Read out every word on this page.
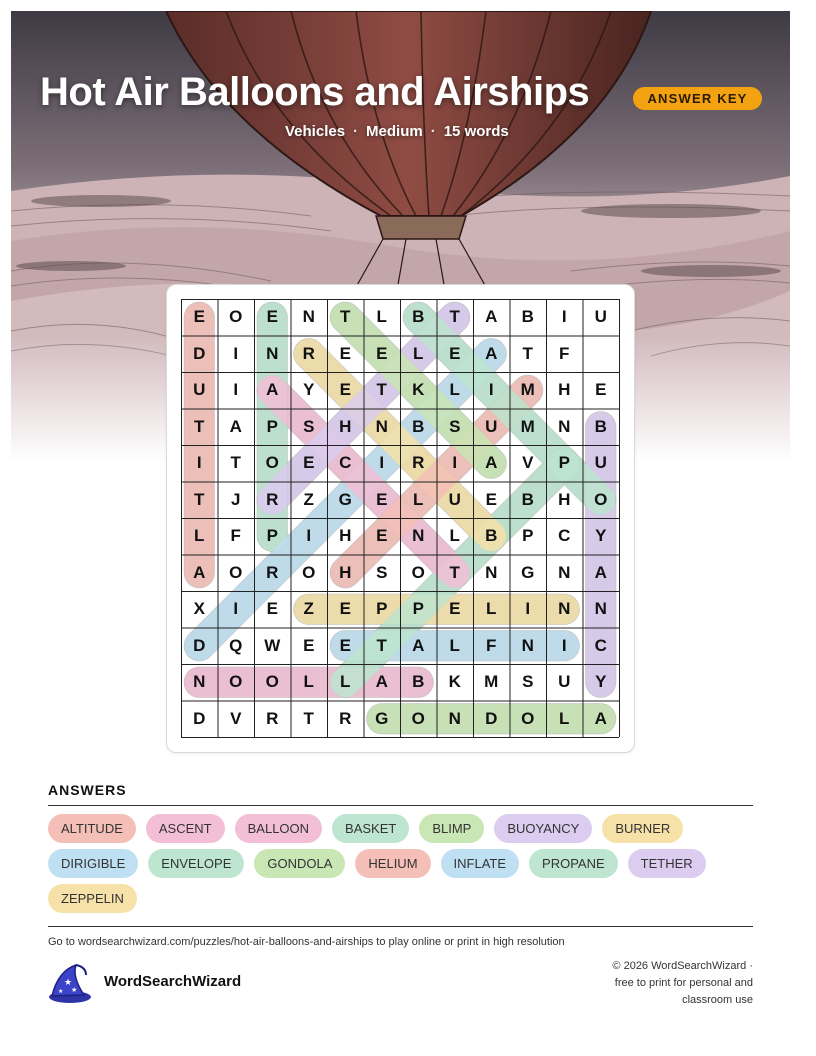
Hot Air Balloons and Airships	ANSWER KEY
Vehicles · Medium · 15 words
E	O	E	N	T	L	B	T	A	B	I	U
D	I	N	R	E	E	L	E	A	T	F
U	I	A	Y	E	T	K	L	I	M	H	E
T	A	P	S	H	N	B	S	U	M	N	B
I	T	O	E	C	I	R	I	A	V	P	U
T	J	R	Z	G	E	L	U	E	B	H	O
L	F	P	I	H	E	N	L	B	P	C	Y
A	O	R	O	H	S	O	T	N	G	N	A
X	I	E	Z	E	P	P	E	L	I	N	N
D	Q	W	E	E	T	A	L	F	N	I	C
N	O	O	L	L	A	B	K	M	S	U	Y
D	V	R	T	R	G	O	N	D	O	L	A
ANSWERS
ALTITUDE	ASCENT	BALLOON	BASKET	BLIMP	BUOYANCY	BURNER
DIRIGIBLE	ENVELOPE	GONDOLA	HELIUM	INFLATE	PROPANE	TETHER
ZEPPELIN
Go to wordsearchwizard.com/puzzles/hot-air-balloons-and-airships to play online or print in high resolution
★
★
★
WordSearchWizard
© 2026 WordSearchWizard ·
free to print for personal and
classroom use
